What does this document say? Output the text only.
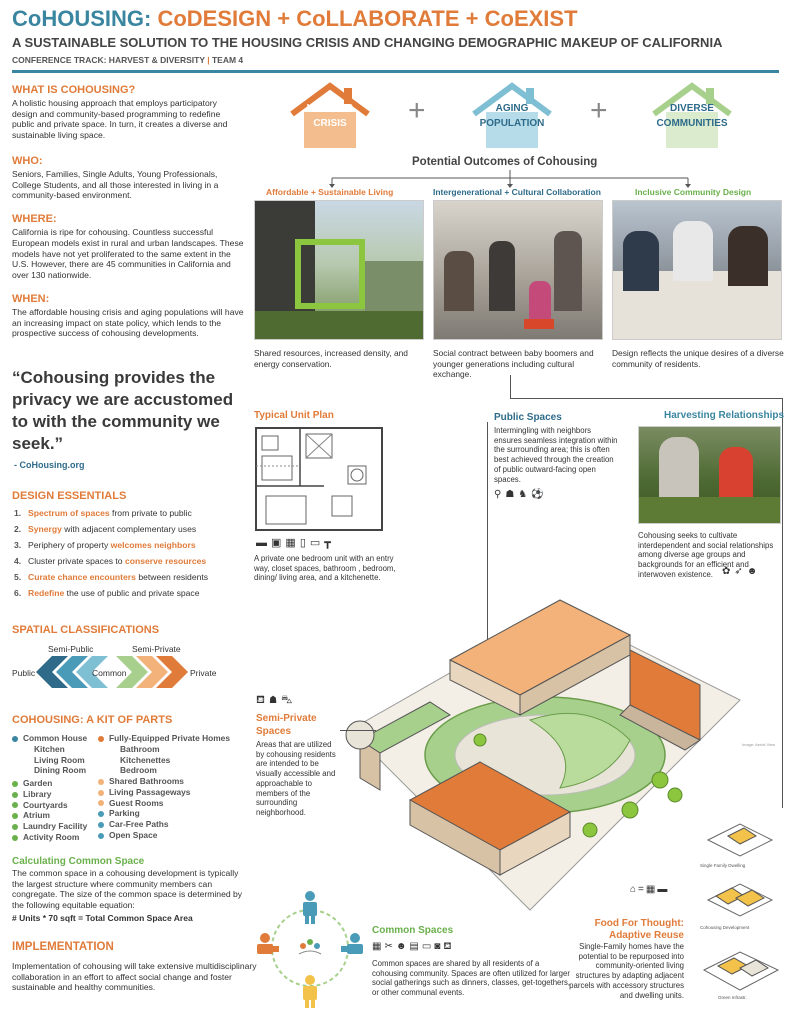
CoHOUSING: CoDESIGN + CoLLABORATE + CoEXIST
A SUSTAINABLE SOLUTION TO THE HOUSING CRISIS AND CHANGING DEMOGRAPHIC MAKEUP OF CALIFORNIA
CONFERENCE TRACK: HARVEST & DIVERSITY | TEAM 4
WHAT IS COHOUSING?
A holistic housing approach that employs participatory design and community-based programming to redefine public and private space. In turn, it creates a diverse and sustainable living space.
WHO:
Seniors, Families, Single Adults, Young Professionals, College Students, and all those interested in living in a community-based environment.
WHERE:
California is ripe for cohousing. Countless successful European models exist in rural and urban landscapes. These models have not yet proliferated to the same extent in the U.S. However, there are 45 communities in California and over 130 nationwide.
WHEN:
The affordable housing crisis and aging populations will have an increasing impact on state policy, which lends to the prospective success of cohousing developments.
“Cohousing provides the privacy we are accustomed to with the community we seek.”
- CoHousing.org
DESIGN ESSENTIALS
1. Spectrum of spaces from private to public
2. Synergy with adjacent complementary uses
3. Periphery of property welcomes neighbors
4. Cluster private spaces to conserve resources
5. Curate chance encounters between residents
6. Redefine the use of public and private space
SPATIAL CLASSIFICATIONS
Semi-Public	Semi-Private
Public	Private
Common
COHOUSING: A KIT OF PARTS
Common House
Kitchen
Living Room
Dining Room
Garden
Library
Courtyards
Atrium
Laundry Facility
Activity Room
Fully-Equipped Private Homes
Bathroom
Kitchenettes
Bedroom
Shared Bathrooms
Living Passageways
Guest Rooms
Parking
Car-Free Paths
Open Space
Calculating Common Space
The common space in a cohousing development is typically the largest structure where community members can congregate. The size of the common space is determined by the following equitable equation:
# Units * 70 sqft = Total Common Space Area
IMPLEMENTATION
Implementation of cohousing will take extensive multidisciplinary collaboration in an effort to affect social change and foster sustainable and healthy communities.
HOUSING CRISIS	+	AGING POPULATION +	DIVERSE COMMUNITIES
Potential Outcomes of Cohousing
Affordable + Sustainable Living	Intergenerational + Cultural Collaboration	Inclusive Community Design
Shared resources, increased density, and energy conservation.
Social contract between baby boomers and younger generations including cultural exchange.
Design reflects the unique desires of a diverse community of residents.
Typical Unit Plan
▬▣▦▯▭┳
A private one bedroom unit with an entry way, closet spaces, bathroom , bedroom, dining/ living area, and a kitchenette.
Public Spaces
Intermingling with neighbors ensures seamless integration within the surrounding area; this is often best achieved through the creation of public outward-facing open spaces.
⚲☗♞⚽
Harvesting Relationships
Cohousing seeks to cultivate interdependent and social relationships among diverse age groups and backgrounds for an efficient and interwoven existence. ✿➶☻
Image: Aerial View
⛾☗⛍
Semi-Private Spaces
Areas that are utilized by cohousing residents are intended to be visually accessible and approachable to members of the surrounding neighborhood.
Common Spaces
▦✂☻▤▭◙⛾
Common spaces are shared by all residents of a cohousing community. Spaces are often utilized for larger social gatherings such as dinners, classes, get-togethers, or other communal events.
⌂=▦▬
Food For Thought: Adaptive Reuse
Single-Family homes have the potential to be repurposed into community-oriented living structures by adapting adjacent parcels with accessory structures and dwelling units.
Single Family Dwelling
Cohousing Development
Green Infrastr.
